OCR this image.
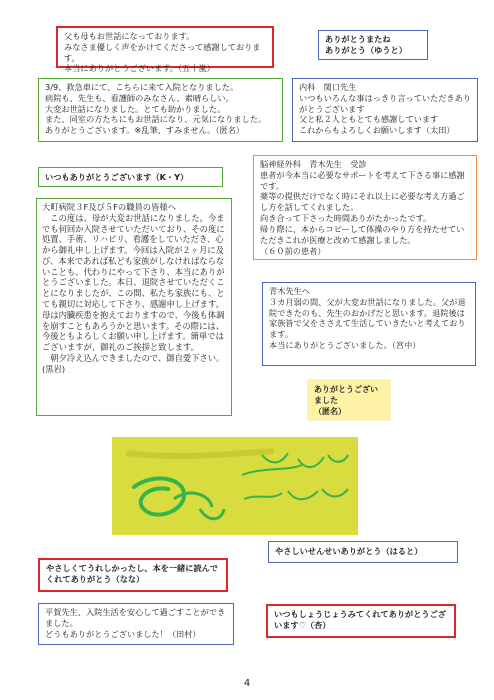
父も母もお世話になっております。
みなさま優しく声をかけてくださって感謝しております。
本当にありがとうございます。（五十嵐）
ありがとうまたね
ありがとう（ゆうと）
3/9、救急車にて、こちらに来て入院となりました。
病院も、先生も、看護師のみなさん、素晴らしい。
大変お世話になりました。とても助かりました。
また、同室の方たちにもお世話になり、元気になりました。
ありがとうございます。※乱筆、すみません。（匿名）
内科　関口先生
いつもいろんな事はっきり言っていただきありがとうございます
父と私２人ともとても感謝しています
これからもよろしくお願いします（太田）
いつもありがとうございます（K・Y）
脳神経外科　青木先生　受診
患者が今本当に必要なサポートを考えて下さる事に感謝です。
薬等の提供だけでなく時にそれ以上に必要な考え方過ごし方を話してくれました。
向き合って下さった時間ありがたかったです。
帰り際に、本からコピーして体操のやり方を持たせていただきこれが医療と改めて感謝しました。
（６０前の患者）
大町病院３F及び５Fの職員の皆様へ
　この度は、母が大変お世話になりました。今までも何回か入院させていただいており、その度に処置、手術、リハビリ、看護をしていただき、心から御礼申し上げます。今回は入院が２ヶ月に及び、本来であれば私ども家族がしなければならないことも、代わりにやって下さり、本当にありがとうございました。本日、退院させていただくことになりましたが、この間、私たち家族にも、とても親切に対応して下さり、感謝申し上げます。母は内臓疾患を抱えておりますので、今後も体調を崩すこともあろうかと思います。その際には、今後ともよろしくお願い申し上げます。簡単ではございますが、御礼のご挨拶と致します。
　朝夕冷え込んできましたので、御自愛下さい。(黒岩)
青木先生へ
３カ月弱の間、父が大変お世話になりました。父が退院できたのも、先生のおかげだと思います。退院後は家族皆で父をささえて生活していきたいと考えております。
本当にありがとうございました。（宮中）
ありがとうございました
（匿名）
やさしいせんせいありがとう（はると）
やさしくてうれしかったし、本を一緒に読んでくれてありがとう（なな）
平賀先生、入院生活を安心して過ごすことができました。
どうもありがとうございました！（田村）
いつもしょうじょうみてくれてありがとうございます♡（杏）
4
